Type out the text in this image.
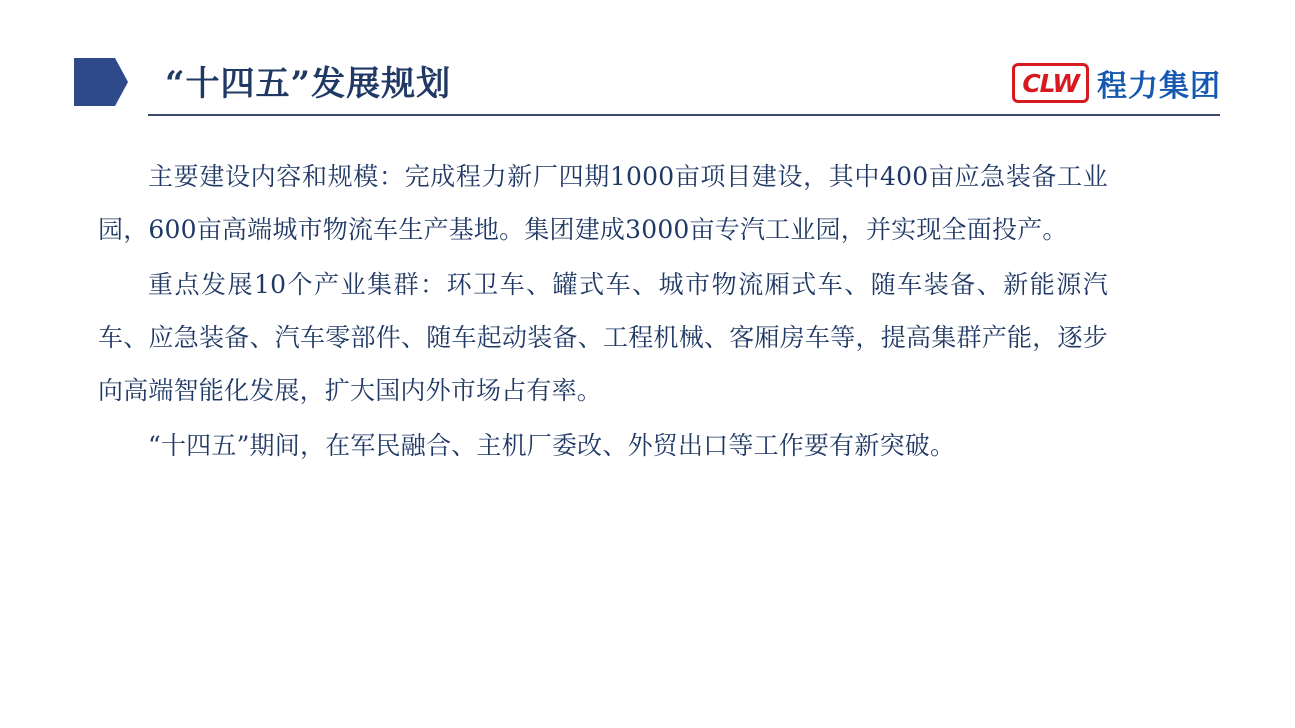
“十四五”发展规划	CLW 程力集团

主要建设内容和规模：完成程力新厂四期1000亩项目建设，其中400亩应急装备工业园，600亩高端城市物流车生产基地。集团建成3000亩专汽工业园，并实现全面投产。

重点发展10个产业集群：环卫车、罐式车、城市物流厢式车、随车装备、新能源汽车、应急装备、汽车零部件、随车起动装备、工程机械、客厢房车等，提高集群产能，逐步向高端智能化发展，扩大国内外市场占有率。

“十四五”期间，在军民融合、主机厂委改、外贸出口等工作要有新突破。
